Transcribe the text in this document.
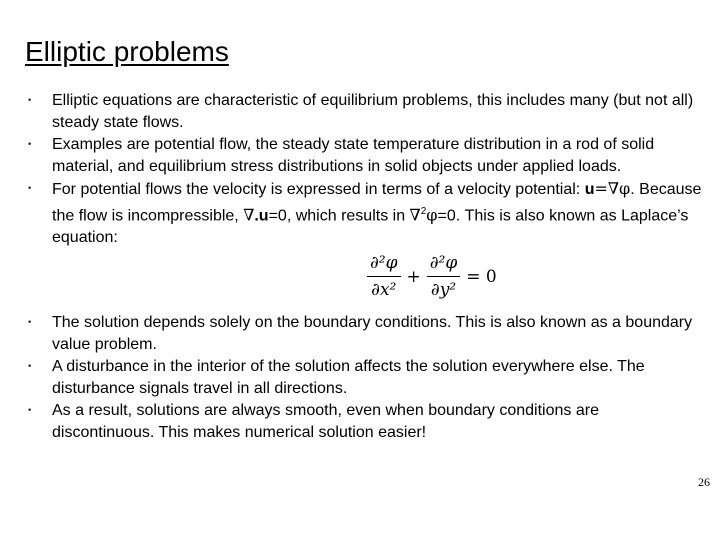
Elliptic problems
• Elliptic equations are characteristic of equilibrium problems, this includes many (but not all) steady state flows.
• Examples are potential flow, the steady state temperature distribution in a rod of solid material, and equilibrium stress distributions in solid objects under applied loads.
• For potential flows the velocity is expressed in terms of a velocity potential: u=∇φ. Because the flow is incompressible, ∇.u=0, which results in ∇$^2$φ=0. This is also known as Laplace’s equation:
$\frac{\text{∂²φ}}{\text{∂x²}} + \frac{\text{∂²φ}}{\text{∂y²}} = 0$
• The solution depends solely on the boundary conditions. This is also known as a boundary value problem.
• A disturbance in the interior of the solution affects the solution everywhere else. The disturbance signals travel in all directions.
• As a result, solutions are always smooth, even when boundary conditions are discontinuous. This makes numerical solution easier!
26
